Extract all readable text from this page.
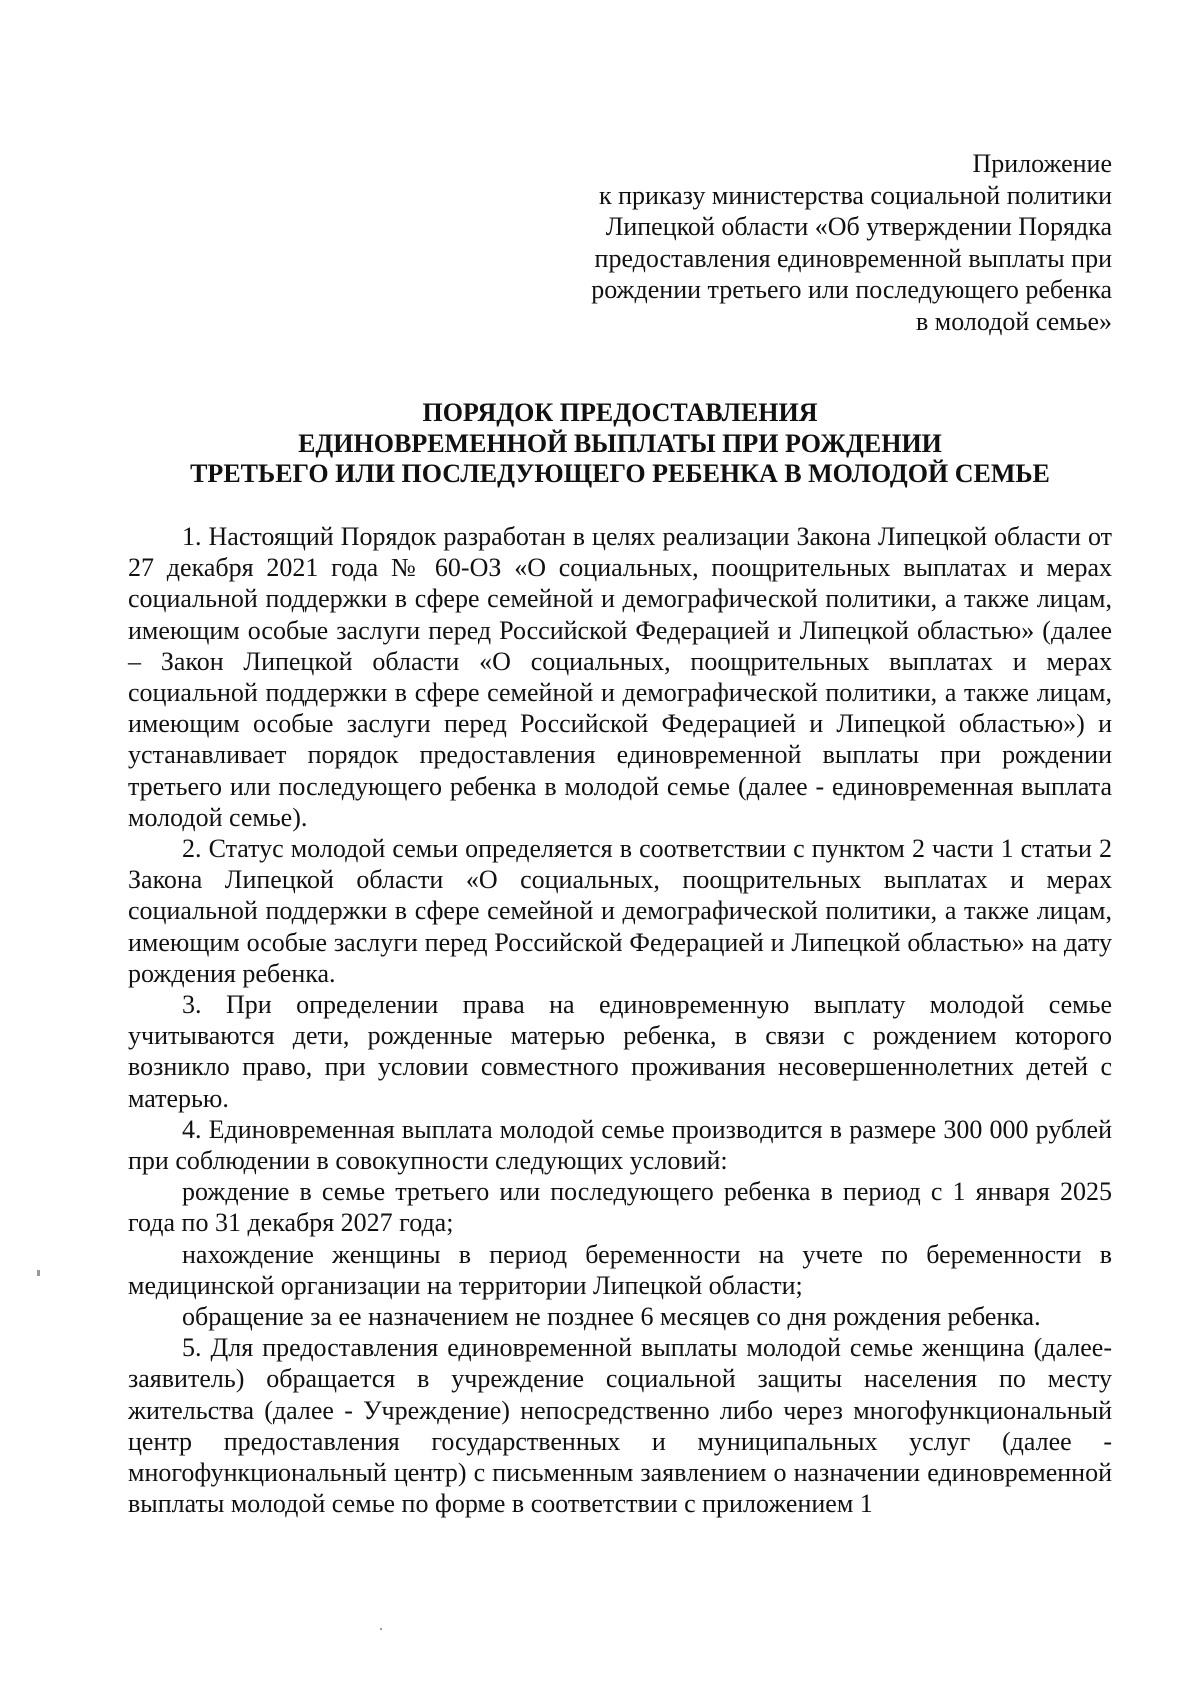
Приложение
к приказу министерства социальной политики
Липецкой области «Об утверждении Порядка
предоставления единовременной выплаты при
рождении третьего или последующего ребенка
в молодой семье»
ПОРЯДОК ПРЕДОСТАВЛЕНИЯ
ЕДИНОВРЕМЕННОЙ ВЫПЛАТЫ ПРИ РОЖДЕНИИ
ТРЕТЬЕГО ИЛИ ПОСЛЕДУЮЩЕГО РЕБЕНКА В МОЛОДОЙ СЕМЬЕ

1. Настоящий Порядок разработан в целях реализации Закона Липецкой области от 27 декабря 2021 года № 60-ОЗ «О социальных, поощрительных выплатах и мерах социальной поддержки в сфере семейной и демографической политики, а также лицам, имеющим особые заслуги перед Российской Федерацией и Липецкой областью» (далее – Закон Липецкой области «О социальных, поощрительных выплатах и мерах социальной поддержки в сфере семейной и демографической политики, а также лицам, имеющим особые заслуги перед Российской Федерацией и Липецкой областью») и устанавливает порядок предоставления единовременной выплаты при рождении третьего или последующего ребенка в молодой семье (далее - единовременная выплата молодой семье).

2. Статус молодой семьи определяется в соответствии с пунктом 2 части 1 статьи 2 Закона Липецкой области «О социальных, поощрительных выплатах и мерах социальной поддержки в сфере семейной и демографической политики, а также лицам, имеющим особые заслуги перед Российской Федерацией и Липецкой областью» на дату рождения ребенка.

3. При определении права на единовременную выплату молодой семье учитываются дети, рожденные матерью ребенка, в связи с рождением которого возникло право, при условии совместного проживания несовершеннолетних детей с матерью.

4. Единовременная выплата молодой семье производится в размере 300 000 рублей при соблюдении в совокупности следующих условий:

рождение в семье третьего или последующего ребенка в период с 1 января 2025 года по 31 декабря 2027 года;

нахождение женщины в период беременности на учете по беременности в медицинской организации на территории Липецкой области;

обращение за ее назначением не позднее 6 месяцев со дня рождения ребенка.

5. Для предоставления единовременной выплаты молодой семье женщина (далее- заявитель) обращается в учреждение социальной защиты населения по месту жительства (далее - Учреждение) непосредственно либо через многофункциональный центр предоставления государственных и муниципальных услуг (далее - многофункциональный центр) с письменным заявлением о назначении единовременной выплаты молодой семье по форме в соответствии с приложением 1
